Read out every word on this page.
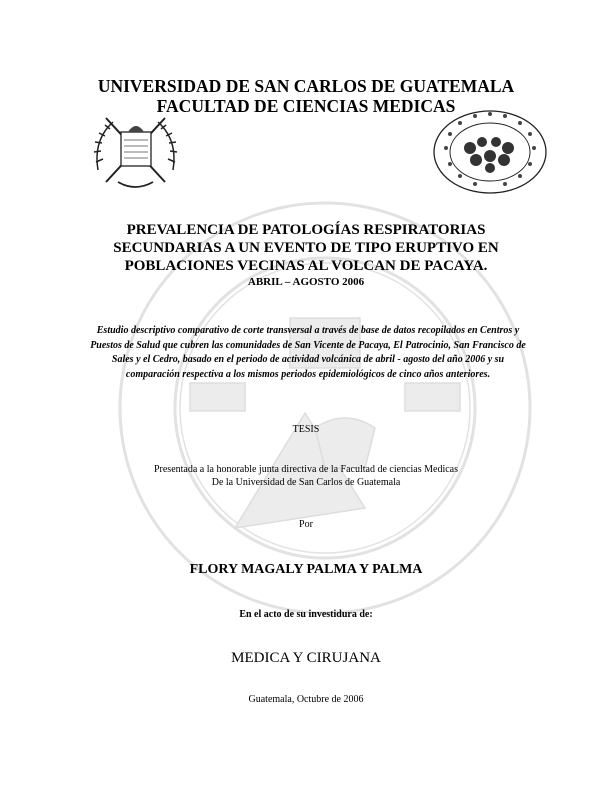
UNIVERSIDAD DE SAN CARLOS DE GUATEMALA
FACULTAD DE CIENCIAS MEDICAS
PREVALENCIA DE PATOLOGÍAS RESPIRATORIAS
SECUNDARIAS A UN EVENTO DE TIPO ERUPTIVO EN
POBLACIONES VECINAS AL VOLCAN DE PACAYA.
ABRIL – AGOSTO 2006
Estudio descriptivo comparativo de corte transversal a través de base de datos recopilados en Centros y Puestos de Salud que cubren las comunidades de San Vicente de Pacaya, El Patrocinio, San Francisco de Sales y el Cedro, basado en el periodo de actividad volcánica de abril - agosto del año 2006 y su comparación respectiva a los mismos periodos epidemiológicos de cinco años anteriores.
TESIS
Presentada a la honorable junta directiva de la Facultad de ciencias Medicas
De la Universidad de San Carlos de Guatemala
Por
FLORY MAGALY PALMA Y PALMA
En el acto de su investidura de:
MEDICA Y CIRUJANA
Guatemala, Octubre de 2006
